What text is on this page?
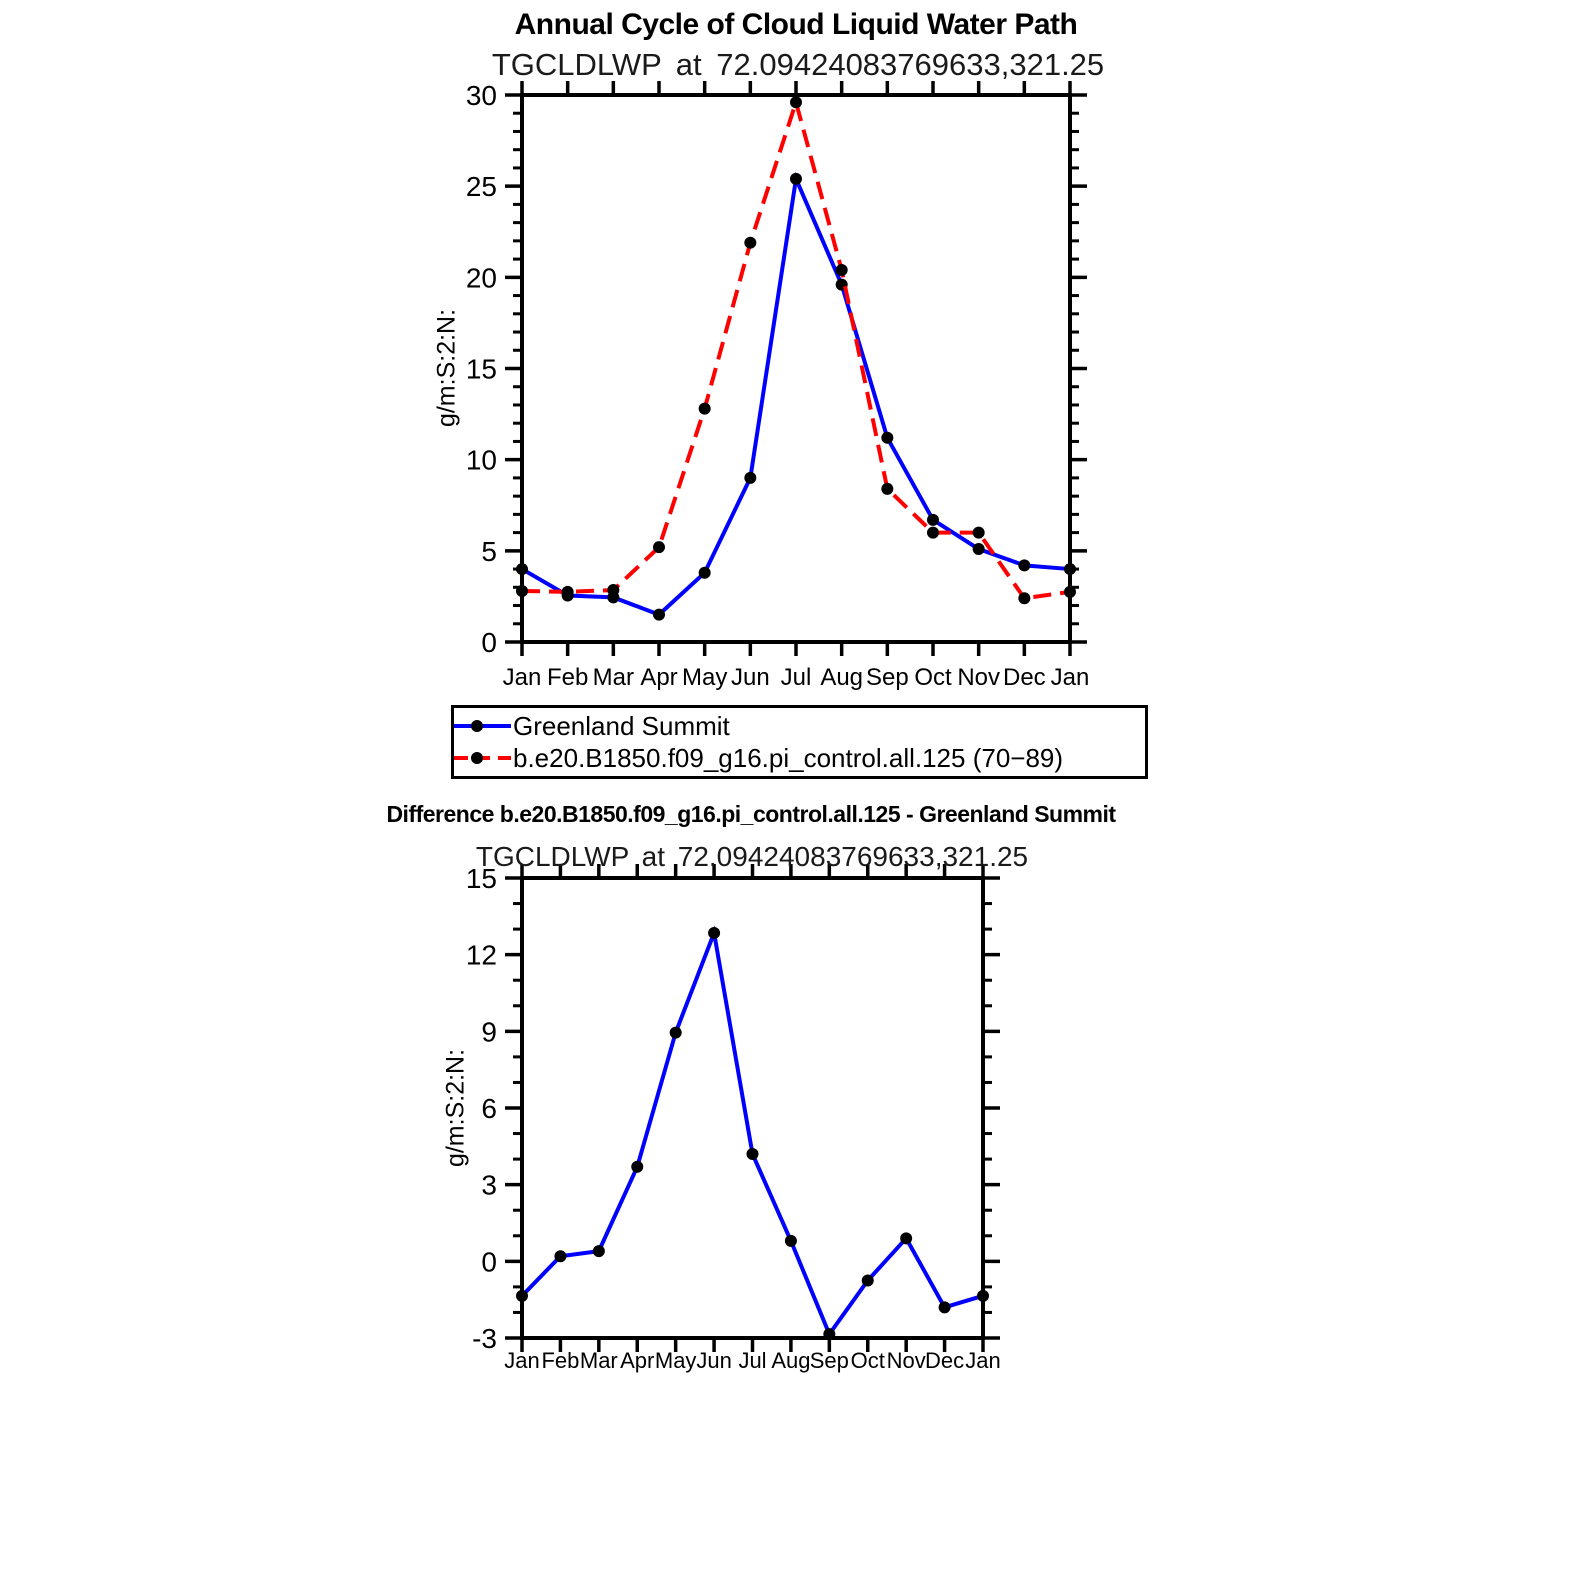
Jan Feb Mar Apr May Jun Jul Aug Sep Oct Nov Dec Jan
0
5
10
15
20
25
30
Jan Feb Mar Apr May Jun Jul Aug Sep Oct Nov Dec Jan
-3
0
3
6
9
12
15
Annual Cycle of Cloud Liquid Water Path
TGCLDLWP at 72.09424083769633,321.25
g/m:S:2:N:
Greenland Summit
b.e20.B1850.f09_g16.pi_control.all.125 (70−89)
Difference b.e20.B1850.f09_g16.pi_control.all.125 - Greenland Summit
TGCLDLWP at 72.09424083769633,321.25
g/m:S:2:N:
